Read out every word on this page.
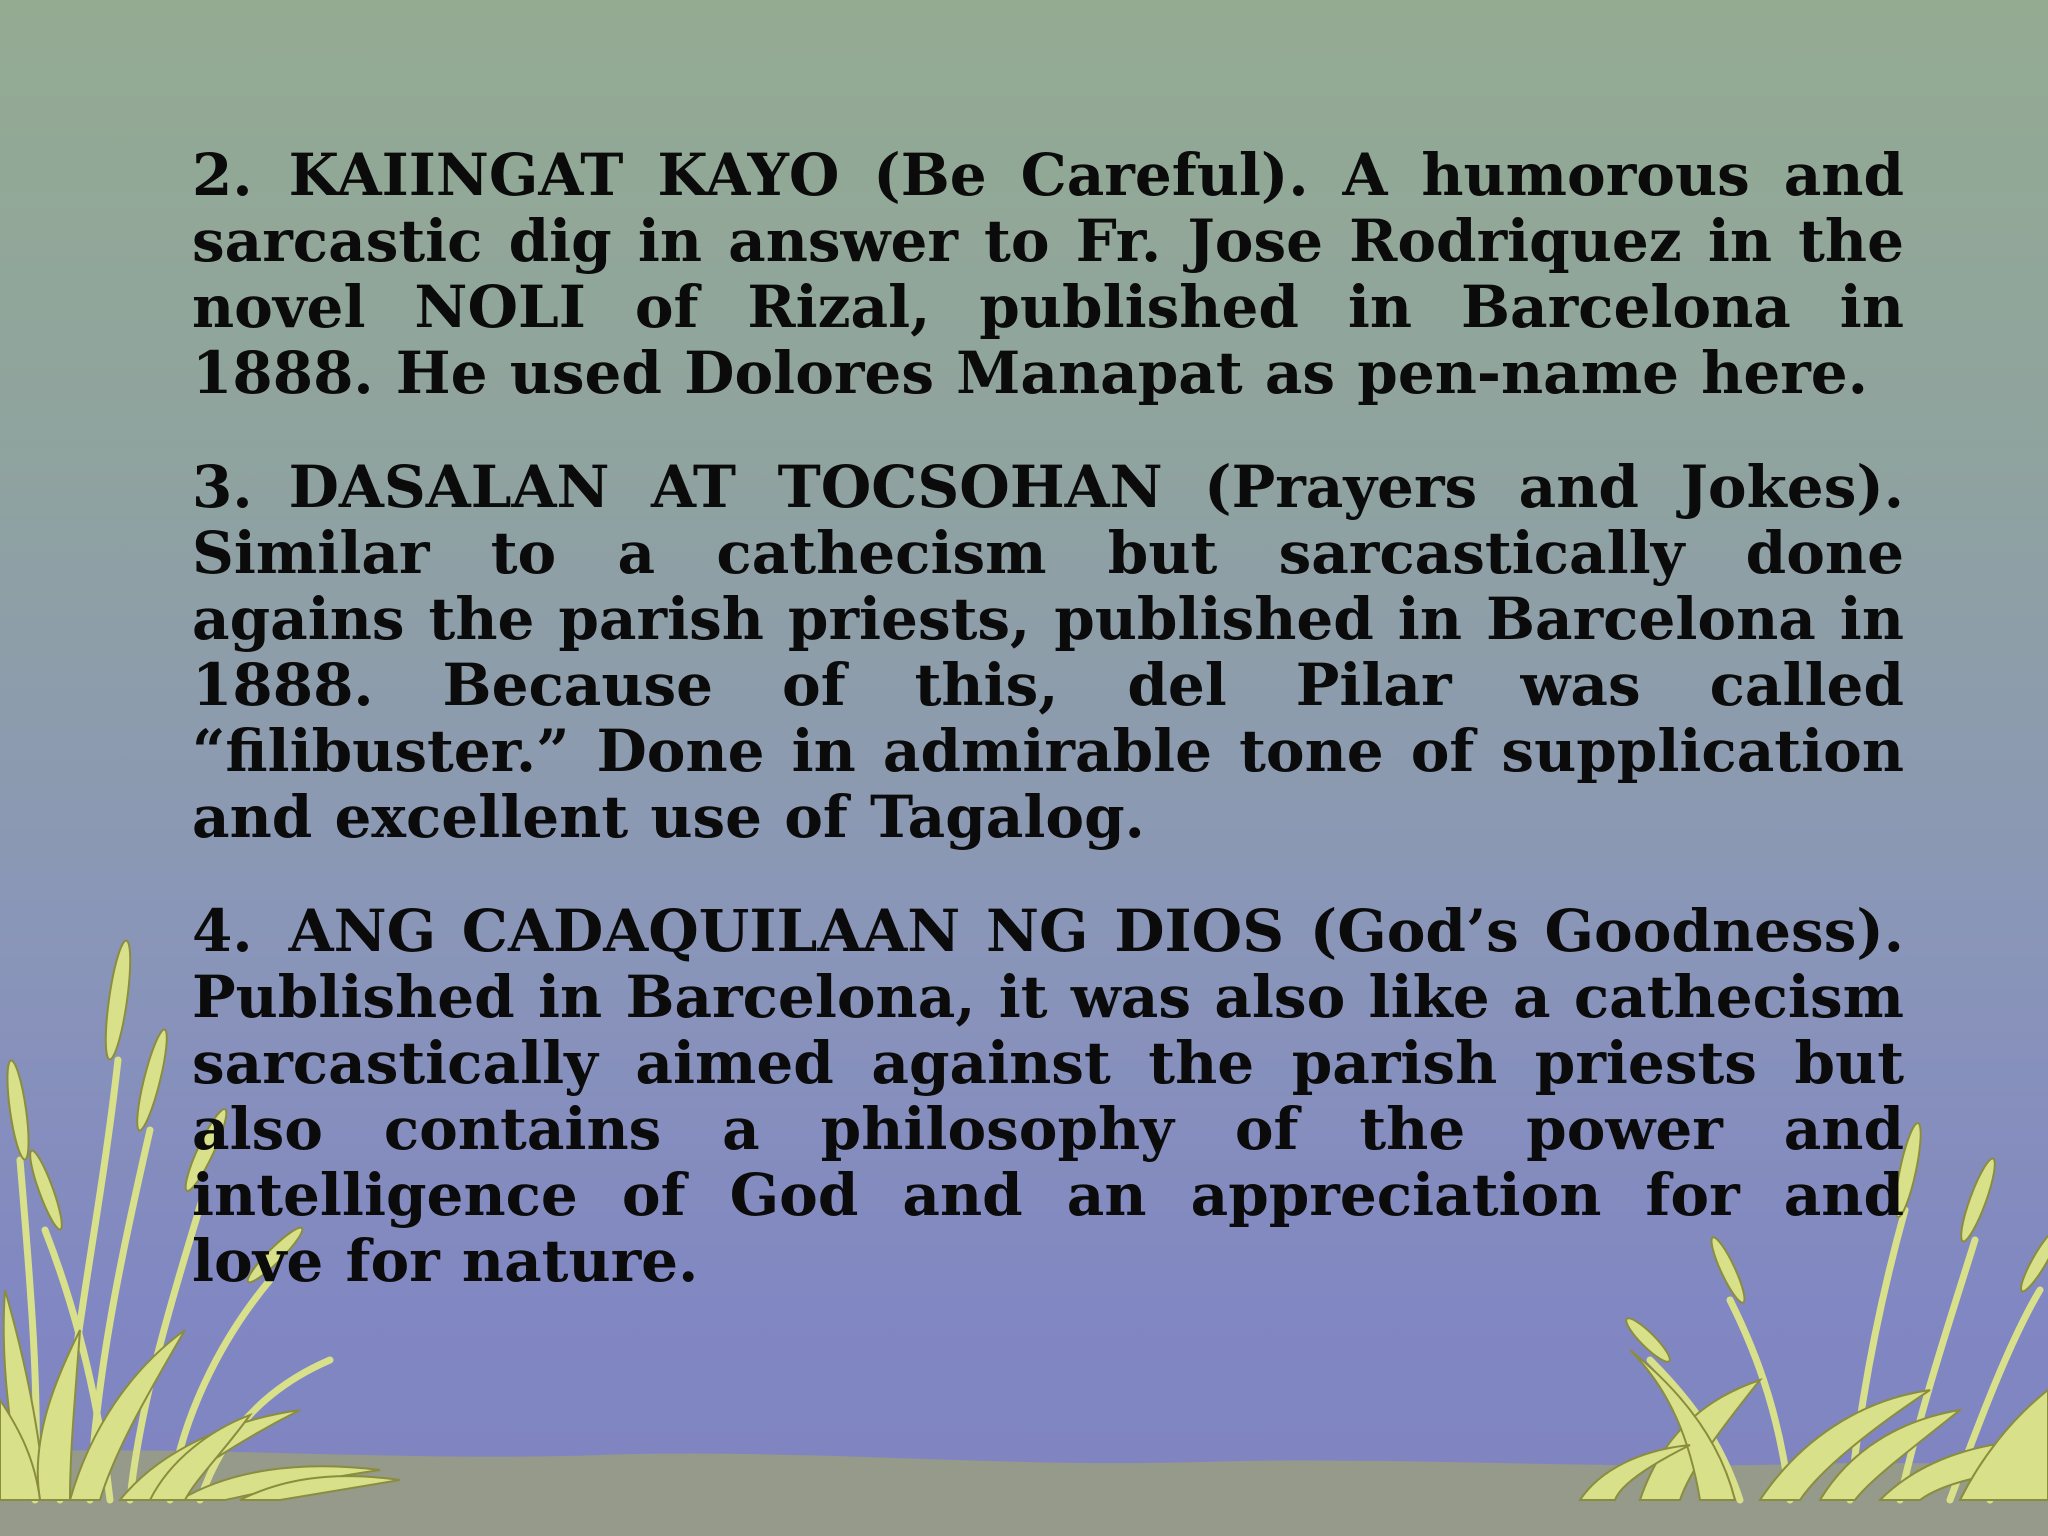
2. KAIINGAT KAYO (Be Careful). A humorous and sarcastic dig in answer to Fr. Jose Rodriquez in the novel NOLI of Rizal, published in Barcelona in 1888. He used Dolores Manapat as pen-name here.

3. DASALAN AT TOCSOHAN (Prayers and Jokes). Similar to a cathecism but sarcastically done agains the parish priests, published in Barcelona in 1888. Because of this, del Pilar was called “filibuster.” Done in admirable tone of supplication and excellent use of Tagalog.

4. ANG CADAQUILAAN NG DIOS (God’s Goodness). Published in Barcelona, it was also like a cathecism sarcastically aimed against the parish priests but also contains a philosophy of the power and intelligence of God and an appreciation for and love for nature.
